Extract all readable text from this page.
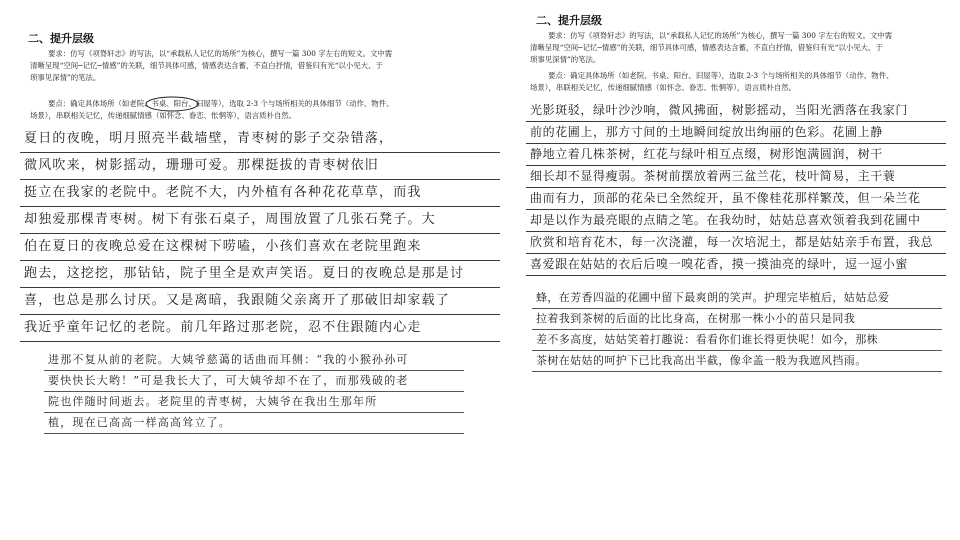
二、提升层级

要求：仿写《项脊轩志》的写法，以“承载私人记忆的场所”为核心，撰写一篇 300 字左右的短文。文中需

清晰呈现“空间─记忆─情感”的关联，细节具体可感，情感表达含蓄，不直白抒情，借鉴归有光“以小见大、于

琐事见深情”的笔法。

要点：确定具体场所（如老院、书桌、阳台、旧屋等），选取 2-3 个与场所相关的具体细节（动作、物件、

场景），串联相关记忆，传递细腻情感（如怀念、眷恋、怅惘等），语言质朴自然。

夏日的夜晚，明月照亮半截墙壁，青枣树的影子交杂错落，
微风吹来，树影摇动，珊珊可爱。那棵挺拔的青枣树依旧
挺立在我家的老院中。老院不大，内外植有各种花花草草，而我
却独爱那棵青枣树。树下有张石桌子，周围放置了几张石凳子。大
伯在夏日的夜晚总爱在这棵树下唠嗑，小孩们喜欢在老院里跑来
跑去，这挖挖，那钻钻，院子里全是欢声笑语。夏日的夜晚总是那是讨
喜，也总是那么讨厌。又是离暗，我跟随父亲离开了那破旧却家载了
我近乎童年记忆的老院。前几年路过那老院，忍不住跟随内心走
进那不复从前的老院。大姨爷慈蔼的话曲而耳侧：“我的小猴孙孙可
要快快长大哟！”可是我长大了，可大姨爷却不在了，而那残破的老
院也伴随时间逝去。老院里的青枣树，大姨爷在我出生那年所
植，现在已高高一样高高耸立了。
二、提升层级

要求：仿写《项脊轩志》的写法，以“承载私人记忆的场所”为核心，撰写一篇 300 字左右的短文。文中需

清晰呈现“空间─记忆─情感”的关联，细节具体可感，情感表达含蓄，不直白抒情，借鉴归有光“以小见大、于

琐事见深情”的笔法。

要点：确定具体场所（如老院、书桌、阳台、旧屋等），选取 2-3 个与场所相关的具体细节（动作、物件、

场景），串联相关记忆，传递细腻情感（如怀念、眷恋、怅惘等），语言质朴自然。

光影斑驳，绿叶沙沙响，微风拂面，树影摇动，当阳光洒落在我家门
前的花圃上，那方寸间的土地瞬间绽放出绚丽的色彩。花圃上静
静地立着几株茶树，红花与绿叶相互点缀，树形饱满圆润，树干
细长却不显得瘦弱。茶树前摆放着两三盆兰花，枝叶简易，主干蓑
曲而有力，顶部的花朵已全然绽开，虽不像桂花那样繁茂，但一朵兰花
却是以作为最亮眼的点睛之笔。在我幼时，姑姑总喜欢领着我到花圃中
欣赏和培育花木，每一次浇灌，每一次培泥土，都是姑姑亲手布置，我总
喜爱跟在姑姑的衣后后嗅一嗅花香，摸一摸油亮的绿叶，逗一逗小蜜
蜂，在芳香四溢的花圃中留下最爽朗的笑声。护理完毕植后，姑姑总爱
拉着我到茶树的后面的比比身高，在树那一株小小的苗只是同我
差不多高度，姑姑笑着打趣说：看看你们谁长得更快呢！如今，那株
茶树在姑姑的呵护下已比我高出半截，像伞盖一般为我遮风挡雨。
